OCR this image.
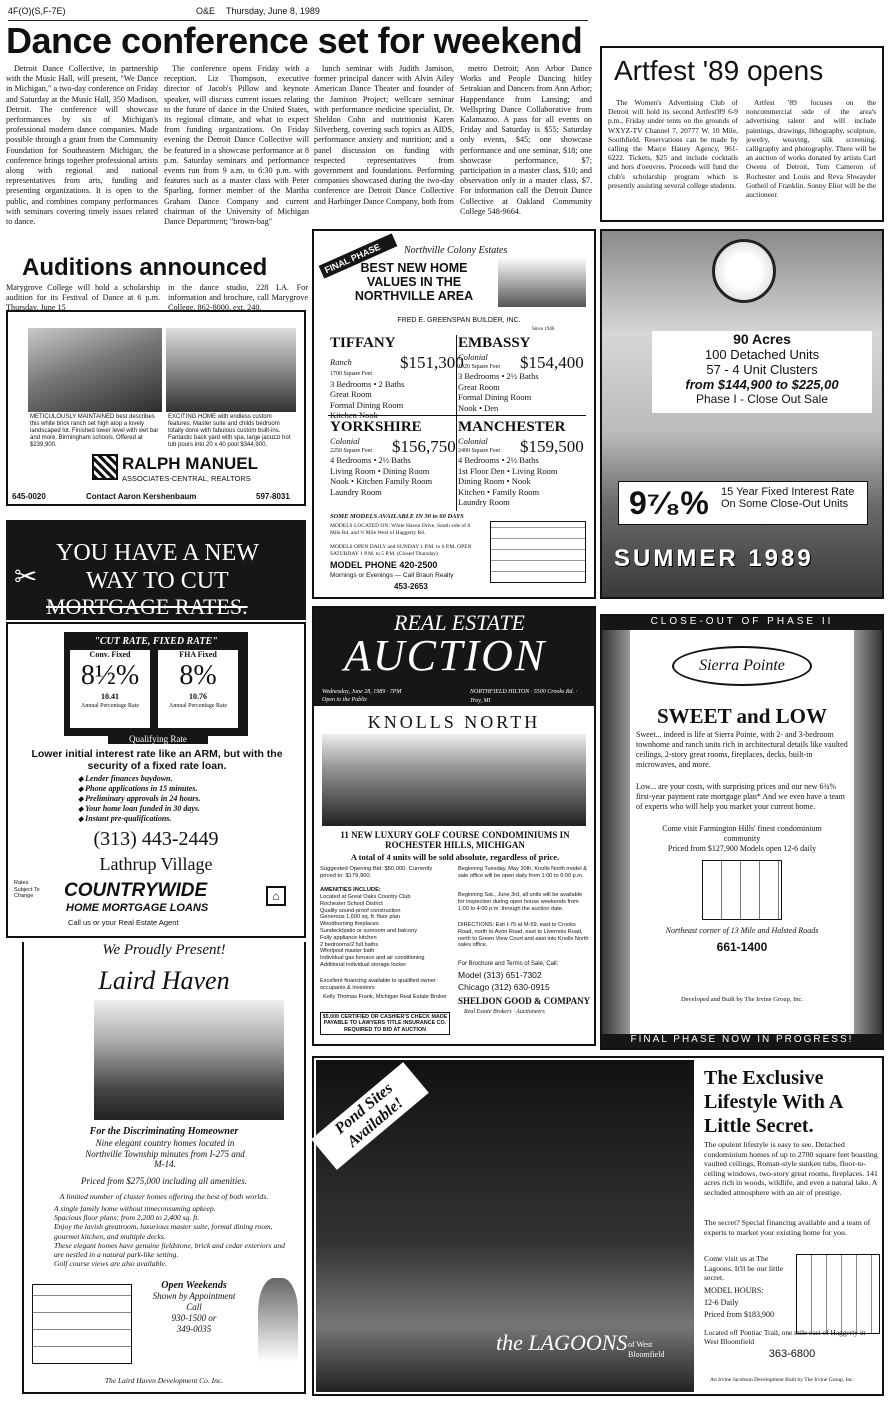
4F(O)(S,F-7E)	O&E Thursday, June 8, 1989
Dance conference set for weekend

Detroit Dance Collective, in partnership with the Music Hall, will present, "We Dance in Michigan," a two-day conference on Friday and Saturday at the Music Hall, 350 Madison, Detroit. The conference will showcase performances by six of Michigan's professional modern dance companies. Made possible through a grant from the Community Foundation for Southeastern Michigan, the conference brings together professional artists along with regional and national representatives from arts, funding and presenting organizations. It is open to the public, and combines company performances with seminars covering timely issues related to dance.

The conference opens Friday with a reception. Liz Thompson, executive director of Jacob's Pillow and keynote speaker, will discuss current issues relating to the future of dance in the United States, its regional climate, and what to expect from funding organizations. On Friday evening the Detroit Dance Collective will be featured in a showcase performance at 8 p.m. Saturday seminars and performance events run from 9 a.m. to 6:30 p.m. with features such as a master class with Peter Sparling, former member of the Martha Graham Dance Company and current chairman of the University of Michigan Dance Department; "brown-bag"

lunch seminar with Judith Jamison, former principal dancer with Alvin Ailey American Dance Theater and founder of the Jamison Project; wellcare seminar with performance medicine specialist, Dr. Sheldon Cohn and nutritionist Karen Silverberg, covering such topics as AIDS, performance anxiety and nutrition; and a panel discussion on funding with respected representatives from government and foundations. Performing companies showcased during the two-day conference are Detroit Dance Collective and Harbinger Dance Company, both from

metro Detroit; Ann Arbor Dance Works and People Dancing hitley Setrakian and Dancers from Ann Arbor; Happendance from Lansing; and Wellspring Dance Collaborative from Kalamazoo. A pass for all events on Friday and Saturday is $55; Saturday only events, $45; one showcase performance and one seminar, $18; one showcase performance, $7; participation in a master class, $10; and observation only in a master class, $7. For information call the Detroit Dance Collective at Oakland Community College 548-9664.

Artfest '89 opens

The Women's Advertising Club of Detroit will hold its second Artfest'89 6-9 p.m., Friday under tents on the grounds of WXYZ-TV Channel 7, 20777 W. 10 Mile, Southfield. Reservations can be made by calling the Marce Haney Agency, 961-6222. Tickets, $25 and include cocktails and hors d'oeuvres. Proceeds will fund the club's scholarship program which is presently assisting several college students.

Artfest '89 focuses on the noncommercial side of the area's advertising talent and will include paintings, drawings, lithography, sculpture, jewelry, weaving, silk screening, calligraphy and photography. There will be an auction of works donated by artists Carl Owens of Detroit, Tom Cameron of Rochester and Louis and Reva Shwayder Gotheil of Franklin. Sonny Eliot will be the auctioneer.

Auditions announced
Marygrove College will hold a scholarship audition for its Festival of Dance at 6 p.m. Thursday, June 15
in the dance studio, 228 LA. For information and brochure, call Marygrove College, 862-8000, ext. 240.
METICULOUSLY MAINTAINED best describes this white brick ranch set high atop a lovely landscaped lot. Finished lower level with wet bar and more. Birmingham schools. Offered at $239,900.
EXCITING HOME with endless custom features. Master suite and childs bedroom totally done with fabulous custom built-ins. Fantastic back yard with spa, large jacuzzi hot tub pours into 20 x 40 pool $344,900.
RALPH MANUEL
ASSOCIATES-CENTRAL, REALTORS
645-0020	Contact Aaron Kershenbaum	597-8031
FINAL PHASE	Northville Colony Estates
BEST NEW HOME VALUES IN THE NORTHVILLE AREA
FRED E. GREENSPAN BUILDER, INC.
Since 1946
TIFFANY
Ranch	$151,300
1700 Square Feet
3 Bedrooms • 2 Baths
Great Room
Formal Dining Room
Kitchen Nook
EMBASSY
Colonial	$154,400
1920 Square Feet
3 Bedrooms • 2½ Baths
Great Room
Formal Dining Room
Nook • Den
YORKSHIRE
Colonial	$156,750
2250 Square Feet
4 Bedrooms • 2½ Baths
Living Room • Dining Room
Nook • Kitchen Family Room
Laundry Room
MANCHESTER
Colonial	$159,500
2400 Square Feet
4 Bedrooms • 2½ Baths
1st Floor Den • Living Room
Dining Room • Nook
Kitchen • Family Room
Laundry Room
SOME MODELS AVAILABLE IN 30 to 60 DAYS
MODELS LOCATED ON: White Haven Drive, South side of 8 Mile Rd. and ½ Mile West of Haggerty Rd.
MODELS OPEN DAILY and SUNDAY 1 P.M. to 6 P.M. OPEN SATURDAY 1 P.M. to 5 P.M. (Closed Thursday)
MODEL PHONE 420-2500
Mornings or Evenings — Call Braun Realty
453-2653
90 Acres
100 Detached Units
57 - 4 Unit Clusters
from $144,900 to $225,00
Phase I - Close Out Sale
9⁷⁄₈% 15 Year Fixed Interest Rate On Some Close-Out Units
SUMMER 1989
✂
YOU HAVE A NEW
WAY TO CUT
MORTGAGE RATES.
"CUT RATE, FIXED RATE"
Conv. Fixed
8½%
10.41
Annual Percentage Rate
FHA Fixed
8%
10.76
Annual Percentage Rate
Qualifying Rate
Lower initial interest rate like an ARM, but with the security of a fixed rate loan.
◆ Lender finances buydown.
◆ Phone applications in 15 minutes.
◆ Preliminary approvals in 24 hours.
◆ Your home loan funded in 30 days.
◆ Instant pre-qualifications.
(313) 443-2449
Lathrup Village
Rates Subject To Change	COUNTRYWIDE
HOME MORTGAGE LOANS
Call us or your Real Estate Agent
⌂
REAL ESTATE
AUCTION
Wednesday, June 28, 1989 · 7PM
Open to the Public
NORTHFIELD HILTON · 5500 Crooks Rd. · Troy, MI
KNOLLS NORTH
11 NEW LUXURY GOLF COURSE CONDOMINIUMS IN ROCHESTER HILLS, MICHIGAN
A total of 4 units will be sold absolute, regardless of price.
Suggested Opening Bid: $50,000. Currently priced to: $179,900.
AMENITIES INCLUDE:
Located at Great Oaks Country Club
Rochester School District
Quality sound-proof construction
Generous 1,600 sq. ft. floor plan
Woodburning fireplaces
Sundeck/patio or sunroom and balcony
Fully appliance kitchen
2 bedrooms/2 full baths
Whirlpool master bath
Individual gas furnace and air conditioning
Additional individual storage locker
Excellent financing available to qualified owner occupants & investors
Kelly Thomas Frank, Michigan Real Estate Broker
$5,000 CERTIFIED OR CASHIER'S CHECK MADE PAYABLE TO LAWYERS TITLE INSURANCE CO. REQUIRED TO BID AT AUCTION
Beginning Tuesday, May 30th, Knolls North model & sale office will be open daily from 1:00 to 6:00 p.m.
Beginning Sat., June 3rd, all units will be available for inspection during open house weekends from 1:00 to 4:00 p.m. through the auction date.
DIRECTIONS: Exit I-75 at M-59, east to Crooks Road, north to Avon Road, east to Livernois Road, north to Green View Court and east into Knolls North sales office.
For Brochure and Terms of Sale, Call:
Model (313) 651-7302
Chicago (312) 630-0915
SHELDON GOOD & COMPANY
Real Estate Brokers · Auctioneers
CLOSE-OUT OF PHASE II
Sierra Pointe
SWEET and LOW
Sweet... indeed is life at Sierra Pointe, with 2- and 3-bedroom townhome and ranch units rich in architectural details like vaulted ceilings, 2-story great rooms, fireplaces, decks, built-in microwaves, and more.
Low... are your costs, with surprising prices and our new 6¾% first-year payment rate mortgage plan* And we even have a team of experts who will help you market your current home.
Come visit Farmington Hills' finest condominium community
Priced from $127,900 Models open 12-6 daily
Northeast corner of 13 Mile and Halsted Roads
661-1400
Developed and Built by The Irvine Group, Inc.
FINAL PHASE NOW IN PROGRESS!
We Proudly Present!
Laird Haven
For the Discriminating Homeowner
Nine elegant country homes located in Northville Township minutes from I-275 and M-14.
Priced from $275,000 including all amenities.
A limited number of cluster homes offering the best of both worlds.
A single family home without timeconsuming upkeep.
Spacious floor plans; from 2,200 to 2,400 sq. ft.
Enjoy the lavish greatroom, luxurious master suite, formal dining room, gourmet kitchen, and multiple decks.
These elegant homes have genuine fieldstone, brick and cedar exteriors and are nestled in a natural park-like setting.
Golf course views are also available.
Open Weekends
Shown by Appointment
Call
930-1500 or
349-0035
The Laird Haven Development Co. Inc.
Pond Sites Available!
the LAGOONS of West Bloomfield
The Exclusive Lifestyle With A Little Secret.
The opulent lifestyle is easy to see. Detached condominium homes of up to 2700 square feet boasting vaulted ceilings, Roman-style sunken tubs, floor-to-ceiling windows, two-story great rooms, fireplaces. 141 acres rich in woods, wildlife, and even a natural lake. A secluded atmosphere with an air of prestige.
The secret? Special financing available and a team of experts to market your existing home for you.
Come visit us at The Lagoons. It'll be our little secret.
MODEL HOURS:
12-6 Daily
Priced from $183,900
Located off Pontiac Trail, one mile east of Haggerty in West Bloomfield
363-6800
An Irvine Jacobson Development Built by The Irvine Group, Inc.
